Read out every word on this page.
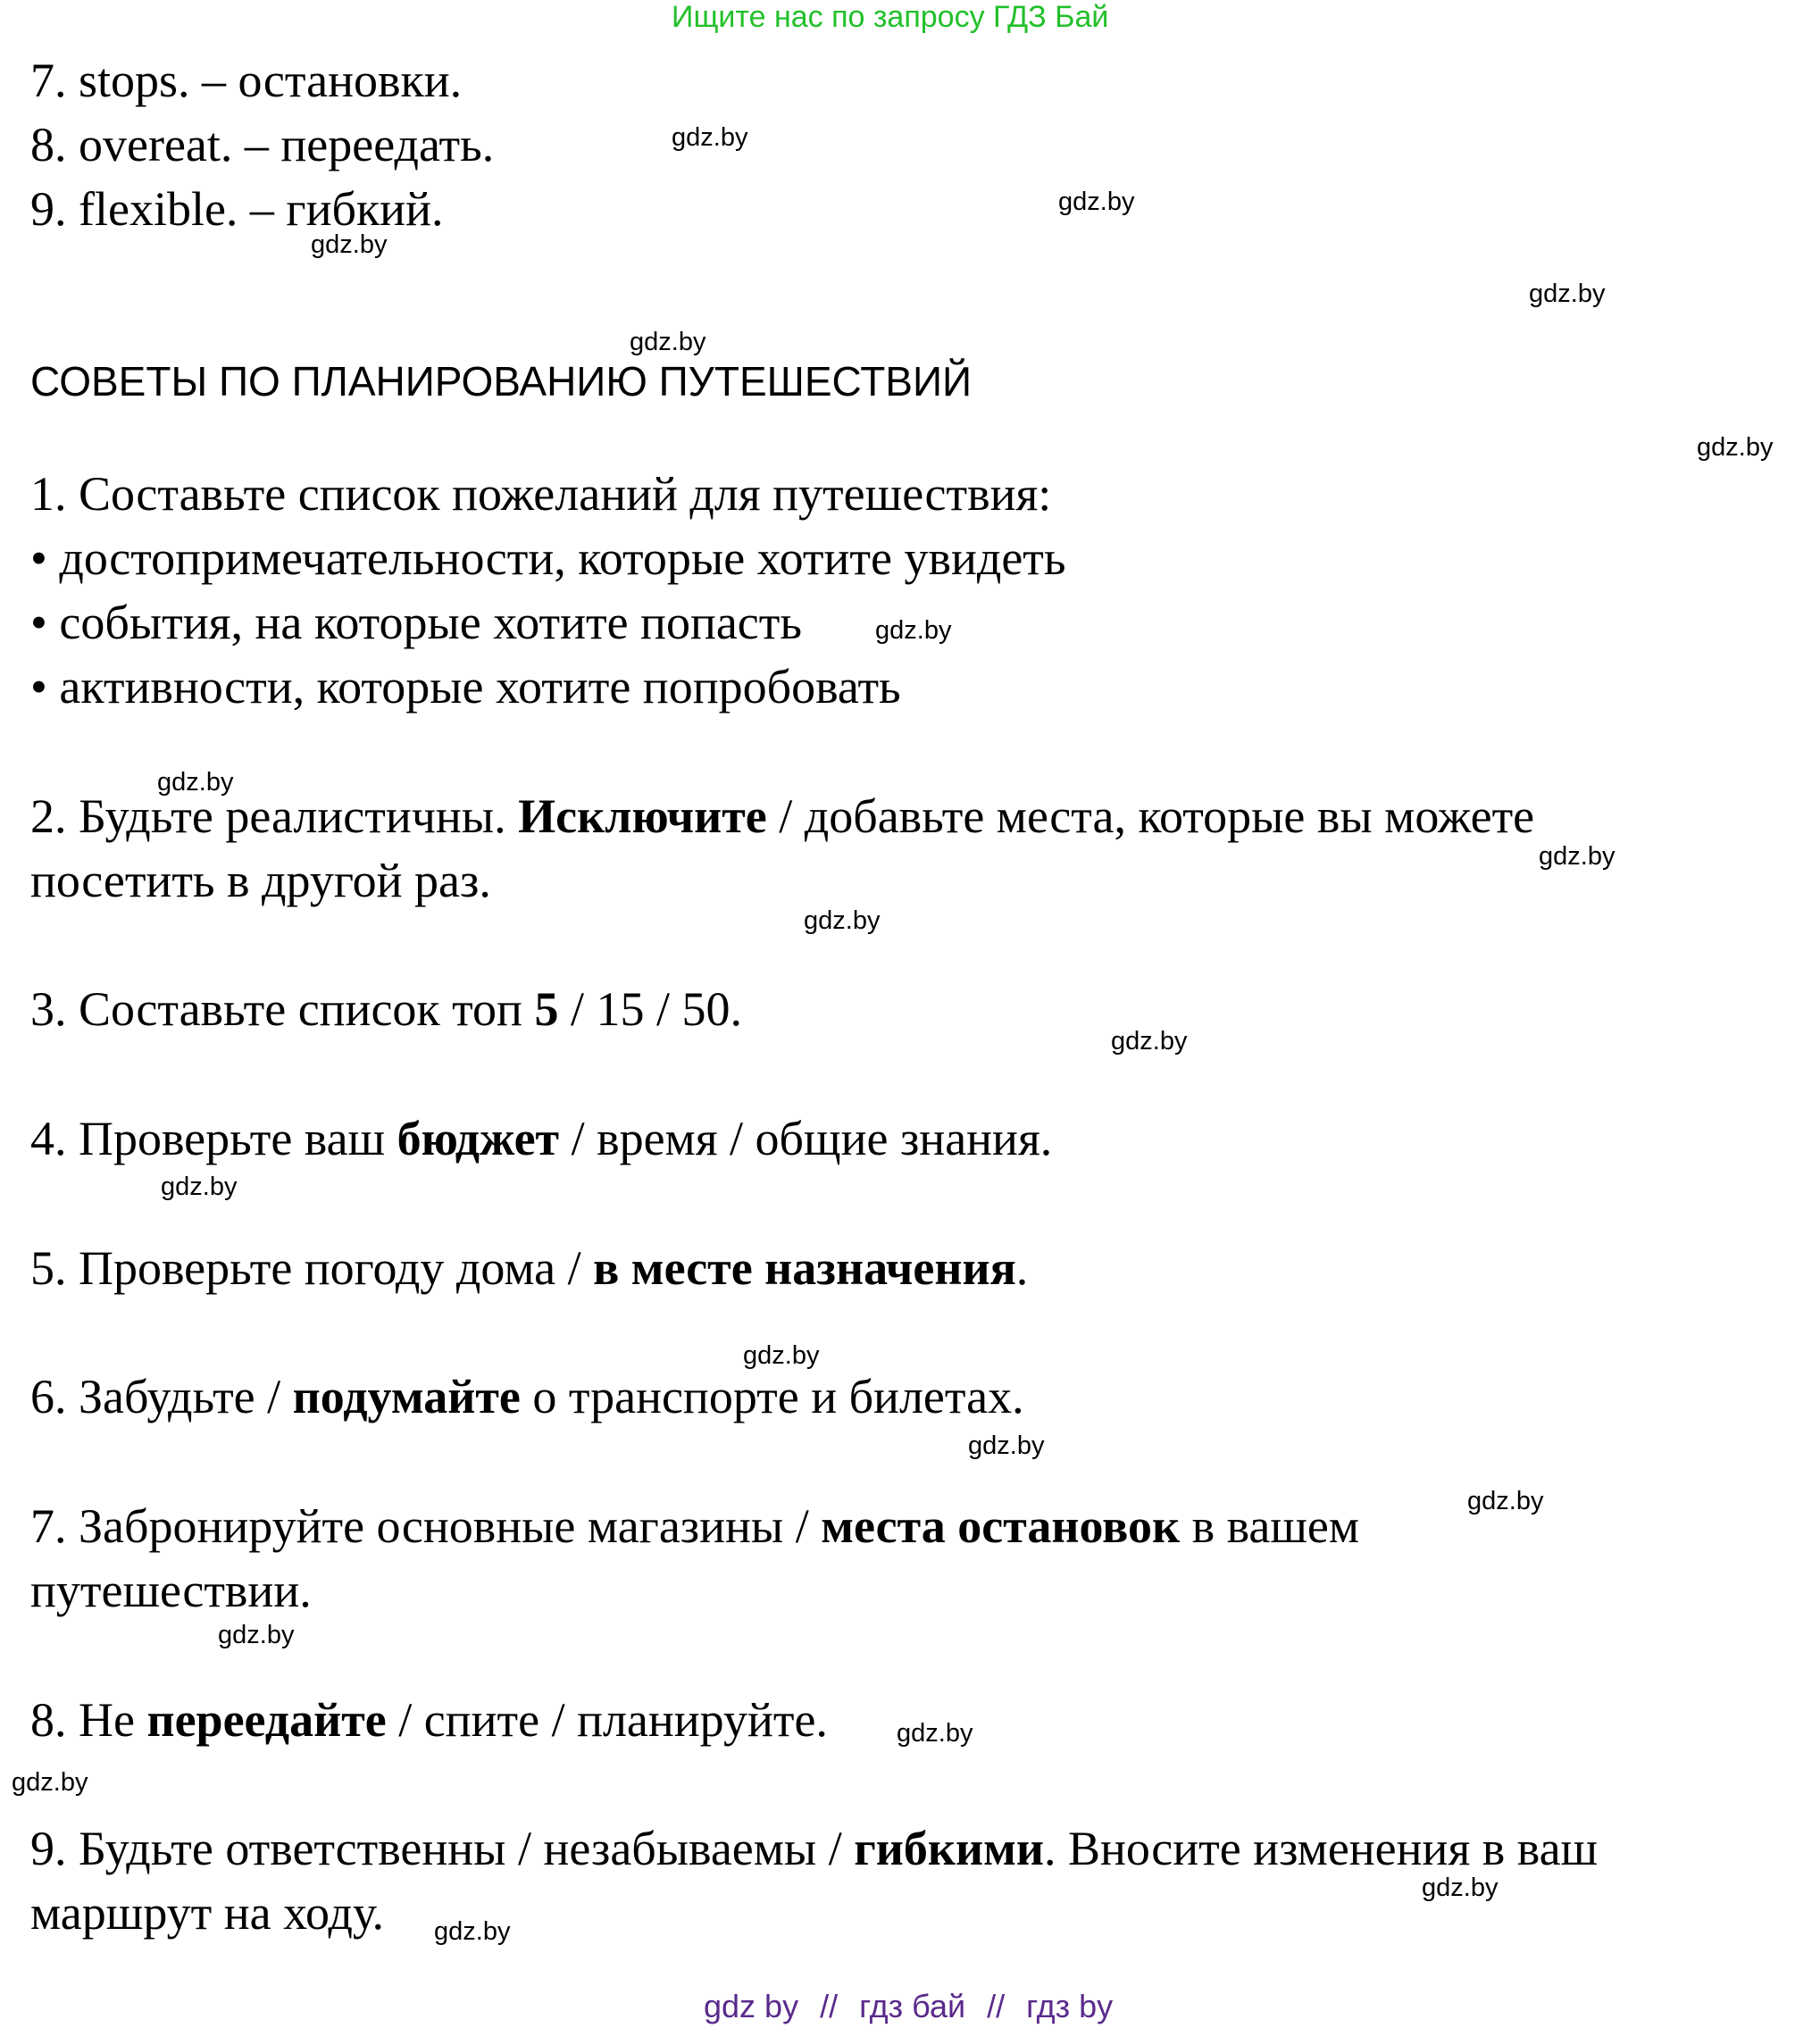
Ищите нас по запросу ГДЗ Бай
7. stops. – остановки.
8. overeat. – переедать.
9. flexible. – гибкий.
СОВЕТЫ ПО ПЛАНИРОВАНИЮ ПУТЕШЕСТВИЙ
1. Составьте список пожеланий для путешествия:
• достопримечательности, которые хотите увидеть
• события, на которые хотите попасть
• активности, которые хотите попробовать
2. Будьте реалистичны. Исключите / добавьте места, которые вы можете
посетить в другой раз.
3. Составьте список топ 5 / 15 / 50.
4. Проверьте ваш бюджет / время / общие знания.
5. Проверьте погоду дома / в месте назначения.
6. Забудьте / подумайте о транспорте и билетах.
7. Забронируйте основные магазины / места остановок в вашем
путешествии.
8. Не переедайте / спите / планируйте.
9. Будьте ответственны / незабываемы / гибкими. Вносите изменения в ваш
маршрут на ходу.
gdz.by
gdz.by
gdz.by
gdz.by
gdz.by
gdz.by
gdz.by
gdz.by
gdz.by
gdz.by
gdz.by
gdz.by
gdz.by
gdz.by
gdz.by
gdz.by
gdz.by
gdz.by
gdz.by
gdz.by
gdz by // гдз бай // гдз by
